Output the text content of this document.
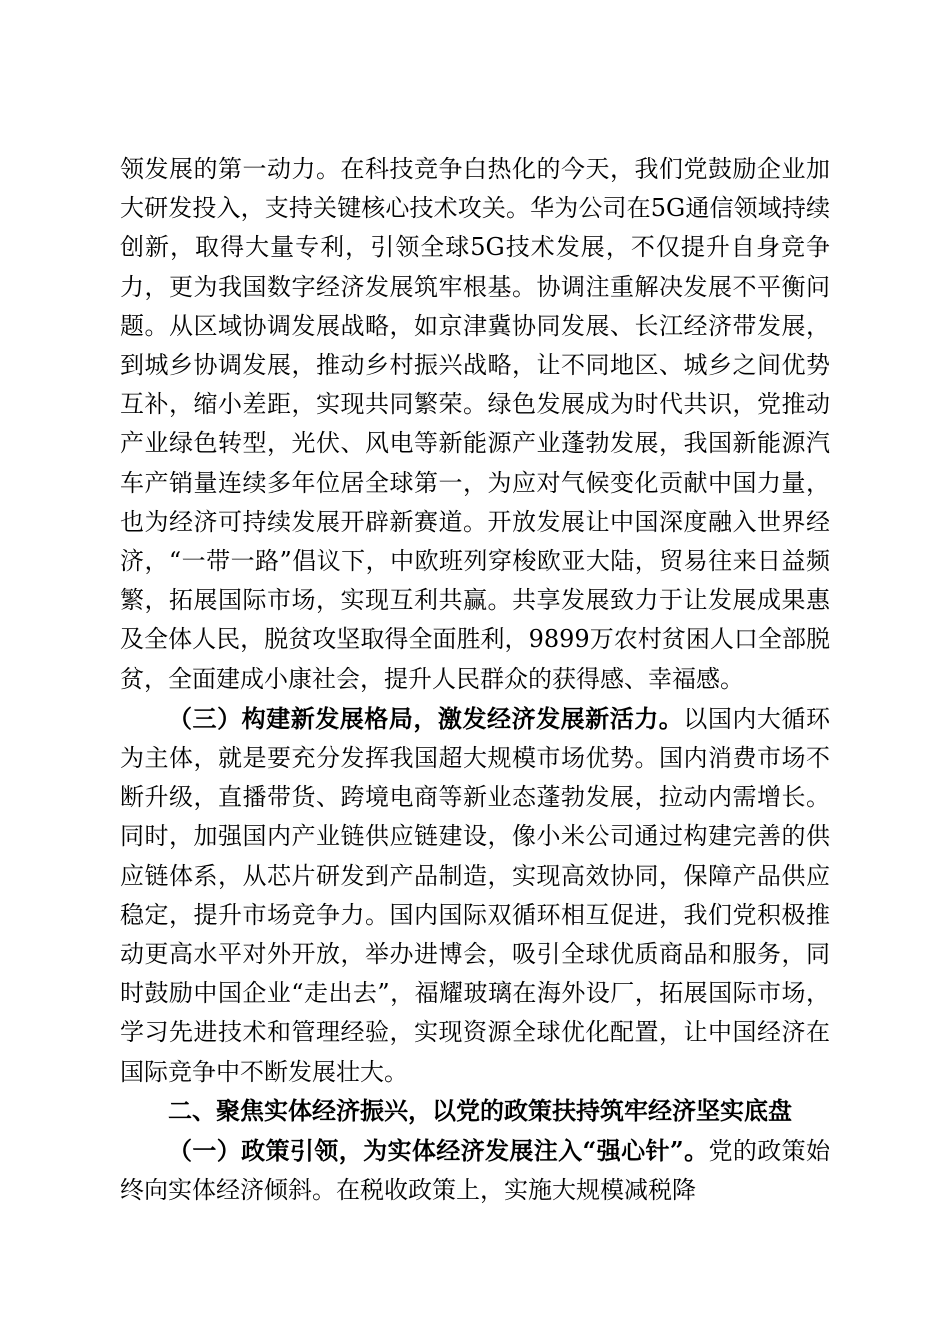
领发展的第一动力。在科技竞争白热化的今天，我们党鼓励企业加大研发投入，支持关键核心技术攻关。华为公司在5G通信领域持续创新，取得大量专利，引领全球5G技术发展，不仅提升自身竞争力，更为我国数字经济发展筑牢根基。协调注重解决发展不平衡问题。从区域协调发展战略，如京津冀协同发展、长江经济带发展，到城乡协调发展，推动乡村振兴战略，让不同地区、城乡之间优势互补，缩小差距，实现共同繁荣。绿色发展成为时代共识，党推动产业绿色转型，光伏、风电等新能源产业蓬勃发展，我国新能源汽车产销量连续多年位居全球第一，为应对气候变化贡献中国力量，也为经济可持续发展开辟新赛道。开放发展让中国深度融入世界经济，“一带一路”倡议下，中欧班列穿梭欧亚大陆，贸易往来日益频繁，拓展国际市场，实现互利共赢。共享发展致力于让发展成果惠及全体人民，脱贫攻坚取得全面胜利，9899万农村贫困人口全部脱贫，全面建成小康社会，提升人民群众的获得感、幸福感。

（三）构建新发展格局，激发经济发展新活力。以国内大循环为主体，就是要充分发挥我国超大规模市场优势。国内消费市场不断升级，直播带货、跨境电商等新业态蓬勃发展，拉动内需增长。同时，加强国内产业链供应链建设，像小米公司通过构建完善的供应链体系，从芯片研发到产品制造，实现高效协同，保障产品供应稳定，提升市场竞争力。国内国际双循环相互促进，我们党积极推动更高水平对外开放，举办进博会，吸引全球优质商品和服务，同时鼓励中国企业“走出去”，福耀玻璃在海外设厂，拓展国际市场，学习先进技术和管理经验，实现资源全球优化配置，让中国经济在国际竞争中不断发展壮大。

二、聚焦实体经济振兴，以党的政策扶持筑牢经济坚实底盘

（一）政策引领，为实体经济发展注入“强心针”。党的政策始终向实体经济倾斜。在税收政策上，实施大规模减税降
